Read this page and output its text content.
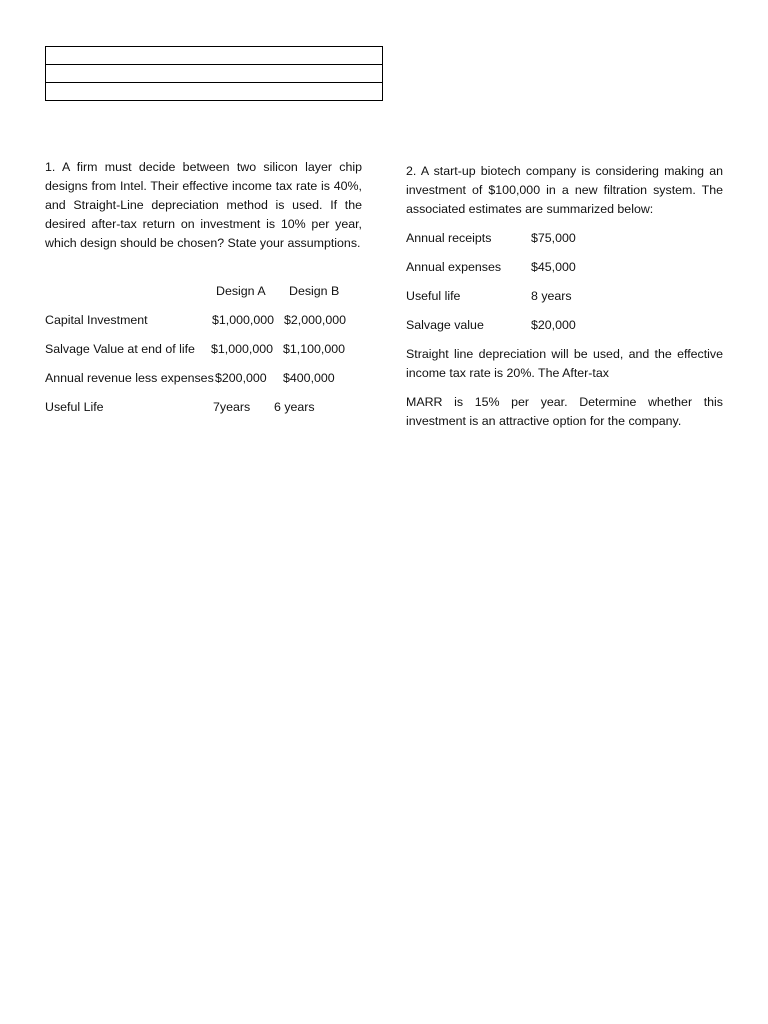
1. A firm must decide between two silicon layer chip designs from Intel. Their effective income tax rate is 40%, and Straight-Line depreciation method is used. If the desired after-tax return on investment is 10% per year, which design should be chosen? State your assumptions.

Design A Design B
Capital Investment	$1,000,000 $2,000,000
Salvage Value at end of life $1,000,000 $1,100,000
Annual revenue less expenses $200,000 $400,000
Useful Life	7years 6 years

2. A start-up biotech company is considering making an investment of $100,000 in a new filtration system. The associated estimates are summarized below:

Annual receipts	$75,000
Annual expenses $45,000
Useful life	8 years
Salvage value	$20,000

Straight line depreciation will be used, and the effective income tax rate is 20%. The After-tax

MARR is 15% per year. Determine whether this investment is an attractive option for the company.
